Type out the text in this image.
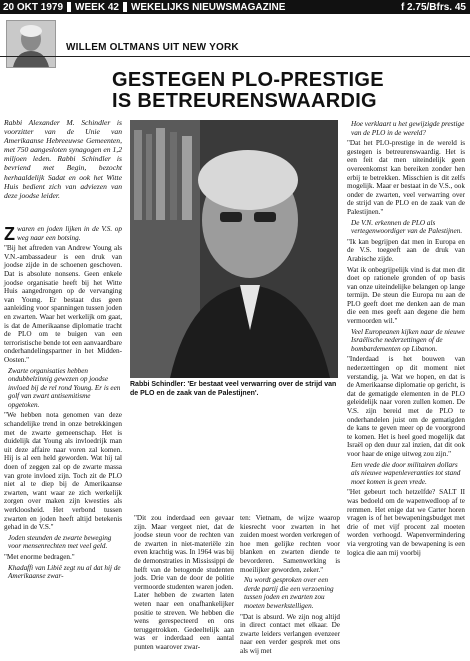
20 OKT 1979 WEEK 42 WEKELIJKS NIEUWSMAGAZINE	f 2.75/Bfrs. 45
WILLEM OLTMANS UIT NEW YORK
GESTEGEN PLO-PRESTIGE
IS BETREURENSWAARDIG
Rabbi Alexander M. Schindler is voorzitter van de Unie van Amerikaanse Hebreeuwse Gemeenten, met 750 aangesloten synagogen en 1,2 miljoen leden. Rabbi Schindler is bevriend met Begin, bezocht herhaaldelijk Sadat en ook het Witte Huis bedient zich van adviezen van deze joodse leider.

Zwaren en joden lijken in de V.S. op weg naar een botsing.

"Bij het aftreden van Andrew Young als V.N.-ambassadeur is een druk van joodse zijde in de schoenen geschoven. Dat is absolute nonsens. Geen enkele joodse organisatie heeft bij het Witte Huis aangedrongen op de vervanging van Young. Er bestaat dus geen aanleiding voor spanningen tussen joden en zwarten. Waar het werkelijk om gaat, is dat de Amerikaanse diplomatie tracht de PLO om te buigen van een terroristische bende tot een aanvaardbare onderhandelingspartner in het Midden-Oosten."

Zwarte organisaties hebben ondubbelzinnig gewezen op joodse invloed bij de rel rond Young. Er is een golf van zwart antisemitisme opgetoken.

"We hebben nota genomen van deze schandelijke trend in onze betrekkingen met de zwarte gemeenschap. Het is duidelijk dat Young als invloedrijk man uit deze affaire naar voren zal komen. Hij is al een held geworden. Wat hij tal doen of zeggen zal op de zwarte massa van grote invloed zijn. Toch zit de PLO niet al te diep bij de Amerikaanse zwarten, want waar ze zich werkelijk zorgen over maken zijn kwesties als werkloosheid. Het verbond tussen zwarten en joden heeft altijd betekenis gehad in de V.S."

Joden steunden de zwarte beweging voor mensenrechten met veel geld.

"Met enorme bedragen."

Khadaffi van Libië zegt nu al dat hij de Amerikaanse zwar-

Rabbi Schindler: 'Er bestaat veel verwarring over de strijd van de PLO en de zaak van de Palestijnen'.
"Dit zou inderdaad een gevaar zijn. Maar vergeet niet, dat de joodse steun voor de rechten van de zwarten in niet-materiële zin even krachtig was. In 1964 was bij de demonstraties in Mississippi de helft van de betogende studenten jods. Drie van de door de politie vermoorde studenten waren joden.
Later hebben de zwarten laten weten naar een onafhankelijker positie te streven. We hebben die wens gerespecteerd en ons teruggetrokken. Gedeeltelijk aan was er inderdaad een aantal punten waarover zwar-

ten: Vietnam, de wijze waarop kiesrecht voor zwarten in het zuiden moest worden verkregen of hoe men gelijke rechten voor blanken en zwarten diende te bevorderen. Samenwerking is moeilijker geworden, zeker."

Nu wordt gesproken over een derde partij die een verzoening tussen joden en zwarten zou moeten bewerkstelligen.

"Dat is absurd. We zijn nog altijd in direct contact met elkaar. De zwarte leiders verlangen evenzeer naar een verder gesprek met ons als wij met

Hoe verklaart u het gewijzigde prestige van de PLO in de wereld?

"Dat het PLO-prestige in de wereld is gestegen is betreurenswaardig. Het is een feit dat men uiteindelijk geen overeenkomst kan bereiken zonder hen erbij te betrekken. Misschien is dit zelfs mogelijk. Maar er bestaat in de V.S., ook onder de zwarten, veel verwarring over de strijd van de PLO en de zaak van de Palestijnen."

De V.N. erkennen de PLO als vertegenwoordiger van de Palestijnen.

"Ik kan begrijpen dat men in Europa en de V.S. toegeeft aan de druk van Arabische zijde.

Wat ik onbegrijpelijk vind is dat men dit doet op rationele gronden of op basis van onze uiteindelijke belangen op lange termijn. De steun die Europa nu aan de PLO geeft doet me denken aan de man die een mes geeft aan degene die hem vermoorden wil."

Veel Europeanen kijken naar de nieuwe Israëlische nederzettingen of de bombardementen op Libanon.

"Inderdaad is het bouwen van nederzettingen op dit moment niet verstandig, ja. Wat we hopen, en dat is de Amerikaanse diplomatie op gericht, is dat de gematigde elementen in de PLO geleidelijk naar voren zullen komen. De V.S. zijn bereid met de PLO te onderhandelen juist om de gematigden de kans te geven meer op de voorgrond te komen. Het is heel goed mogelijk dat Israël op den duur zal inzien, dat dit ook voor haar de enige uitweg zou zijn."

Een vrede die door militairen dollars als nieuwe wapenleveranties tot stand moet komen is geen vrede.

"Het gebeurt toch hetzelfde? SALT II was bedoeld om de wapenwedloop af te remmen. Het enige dat we Carter horen vragen is of het bewapeningsbudget met drie of met vijf procent zal moeten worden verhoogd. Wapenvermindering via vergroting van de bewapening is een logica die aan mij voorbij
